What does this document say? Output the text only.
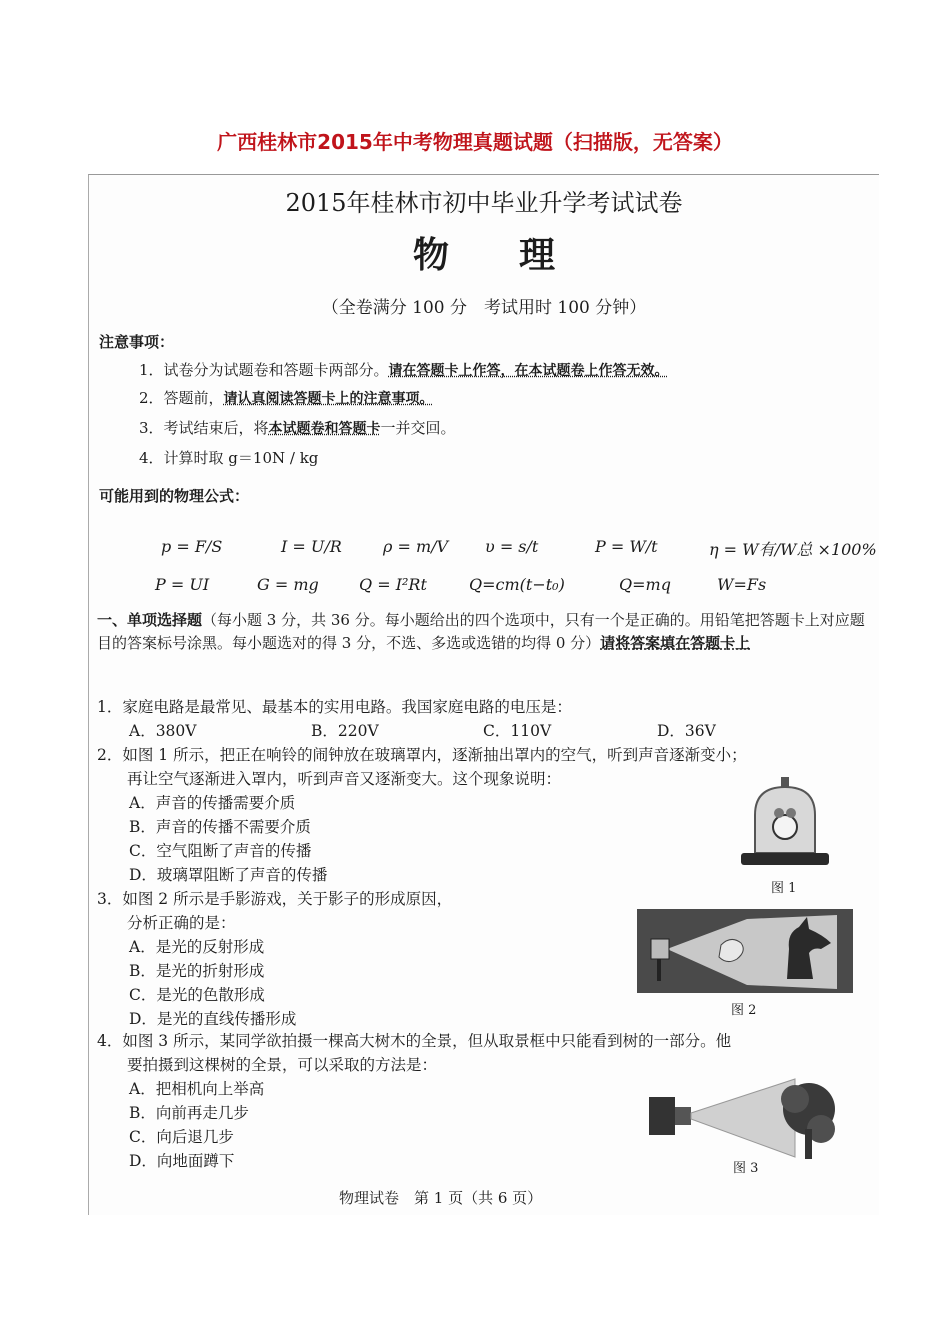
广西桂林市2015年中考物理真题试题（扫描版，无答案）
2015年桂林市初中毕业升学考试试卷
物理
（全卷满分 100 分　考试用时 100 分钟）
注意事项：
1．试卷分为试题卷和答题卡两部分。请在答题卡上作答，在本试题卷上作答无效。
2．答题前，请认真阅读答题卡上的注意事项。
3．考试结束后，将本试题卷和答题卡一并交回。
4．计算时取 g＝10N / kg
可能用到的物理公式：
p = F/S	I = U/R	ρ = m/V υ = s/t	P = W/t	η = W有/W总 ×100%
P = UI	G = mg	Q = I²Rt	Q=cm(t−t₀)	Q=mq	W=Fs
一、单项选择题（每小题 3 分，共 36 分。每小题给出的四个选项中，只有一个是正确的。用铅笔把答题卡上对应题目的答案标号涂黑。每小题选对的得 3 分，不选、多选或选错的均得 0 分）请将答案填在答题卡上
1．家庭电路是最常见、最基本的实用电路。我国家庭电路的电压是：
A．380V	B．220V	C．110V	D．36V
2．如图 1 所示，把正在响铃的闹钟放在玻璃罩内，逐渐抽出罩内的空气，听到声音逐渐变小；
再让空气逐渐进入罩内，听到声音又逐渐变大。这个现象说明：
A．声音的传播需要介质
B．声音的传播不需要介质
C．空气阻断了声音的传播
D．玻璃罩阻断了声音的传播
图 1
3．如图 2 所示是手影游戏，关于影子的形成原因，
分析正确的是：
A．是光的反射形成
B．是光的折射形成
C．是光的色散形成
D．是光的直线传播形成	图 2
4．如图 3 所示，某同学欲拍摄一棵高大树木的全景，但从取景框中只能看到树的一部分。他
要拍摄到这棵树的全景，可以采取的方法是：
A．把相机向上举高
B．向前再走几步
C．向后退几步
D．向地面蹲下	图 3
物理试卷　第 1 页（共 6 页）
